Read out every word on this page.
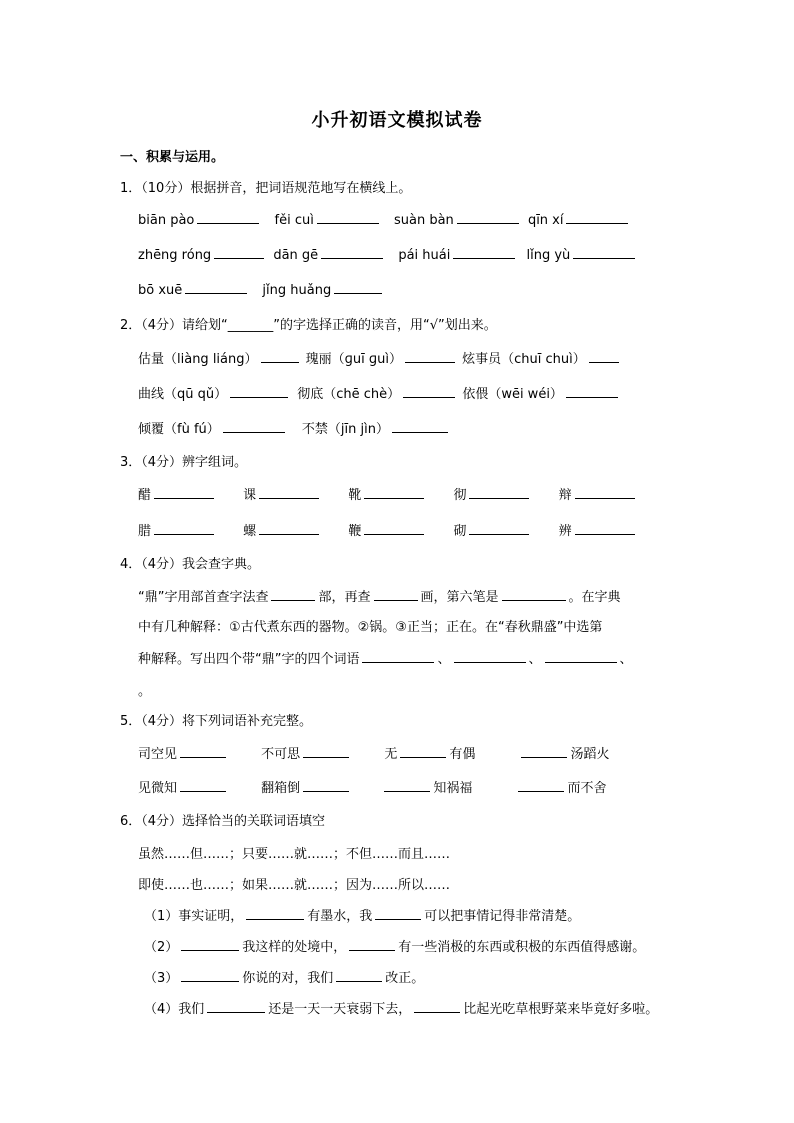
小升初语文模拟试卷
一、积累与运用。
1．（10分）根据拼音，把词语规范地写在横线上。
biān pào	fěi cuì	suàn bàn	qīn xí
zhēng róng	dān gē	pái huái	lǐng yù
bō xuē	jǐng huǎng
2．（4分）请给划“_______”的字选择正确的读音，用“√”划出来。
估量（liàng liáng）	瑰丽（ɡuī ɡuì）	炫事员（chuī chuì）
曲线（qū qǔ）	彻底（chē chè）	依偎（wēi wéi）
倾覆（fù fú）	不禁（jīn jìn）
3．（4分）辨字组词。
醋	课	靴	彻	辩
腊	螺	鞭	砌	辨
4．（4分）我会查字典。
“鼎”字用部首查字法查	部，再查	画，第六笔是	。在字典
中有几种解释：①古代煮东西的器物。②锅。③正当；正在。在“春秋鼎盛”中选第
种解释。写出四个带“鼎”字的四个词语	、	、	、
。
5．（4分）将下列词语补充完整。
司空见	不可思	无	有偶	汤蹈火
见微知	翻箱倒	知祸福	而不舍
6．（4分）选择恰当的关联词语填空
虽然……但……；只要……就……；不但……而且……
即使……也……；如果……就……；因为……所以……
（1）事实证明，	有墨水，我	可以把事情记得非常清楚。
（2）	我这样的处境中，	有一些消极的东西或积极的东西值得感谢。
（3）	你说的对，我们	改正。
（4）我们	还是一天一天衰弱下去，	比起光吃草根野菜来毕竟好多啦。
